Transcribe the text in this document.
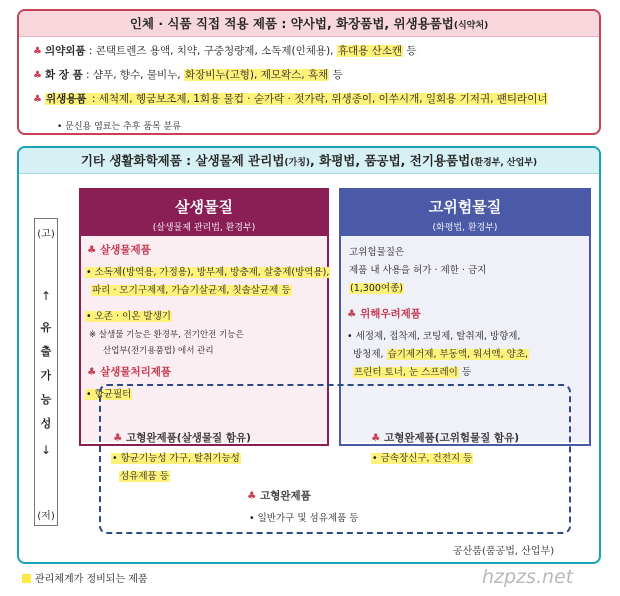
인체 · 식품 직접 적용 제품 : 약사법, 화장품법, 위생용품법(식약처)
♣ 의약외품 : 콘택트렌즈 용액, 치약, 구중청량제, 소독제(인체용), 휴대용 산소캔 등
♣ 화 장 품 : 샴푸, 향수, 물비누, 화장비누(고형), 제모왁스, 흑채 등
♣ 위생용품 : 세척제, 헹굼보조제, 1회용 물컵 · 숟가락 · 젓가락, 위생종이, 이쑤시개, 일회용 기저귀, 팬티라이너
• 문신용 염료는 추후 품목 분류
기타 생활화학제품 : 살생물제 관리법(가칭), 화평법, 품공법, 전기용품법(환경부, 산업부)
(고)
↑
유
출
가
능
성
↓
(저)
살생물질
(살생물제 관리법, 환경부)
♣ 살생물제품
• 소독제(방역용, 가정용), 방부제, 방충제, 살충제(방역용),
파리 · 모기구제제, 가습기살균제, 칫솔살균제 등
• 오존 · 이온 발생기
※ 살생물 기능은 환경부, 전기안전 기능은
산업부(전기용품법) 에서 관리
♣ 살생물처리제품
• 항균필터
고위험물질
(화평법, 환경부)
고위험물질은
제품 내 사용을 허가 · 제한 · 금지
(1,300여종)
♣ 위해우려제품
• 세정제, 접착제, 코팅제, 탈취제, 방향제,
방청제, 습기제거제, 부동액, 워셔액, 양초,
프린터 토너, 눈 스프레이 등
♣ 고형완제품(살생물질 함유)
• 항균기능성 가구, 탈취기능성
섬유제품 등
♣ 고형완제품(고위험물질 함유)
• 금속장신구, 건전지 등
♣ 고형완제품
• 일반가구 및 섬유제품 등
공산품(품공법, 산업부)
관리체계가 정비되는 제품	hzpzs.net
